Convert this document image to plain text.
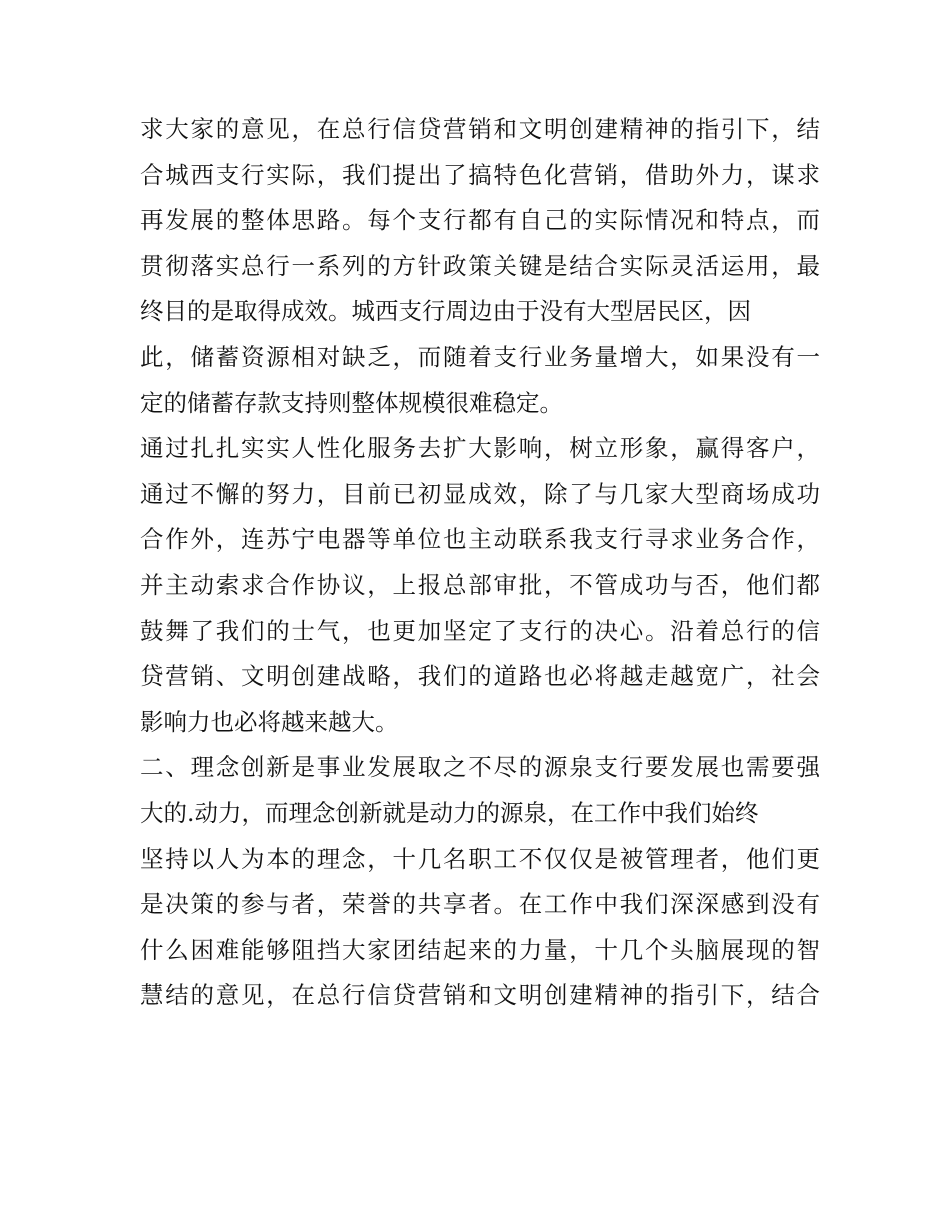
求大家的意见，在总行信贷营销和文明创建精神的指引下，结
合城西支行实际，我们提出了搞特色化营销，借助外力，谋求
再发展的整体思路。每个支行都有自己的实际情况和特点，而
贯彻落实总行一系列的方针政策关键是结合实际灵活运用，最
终目的是取得成效。城西支行周边由于没有大型居民区，因
此，储蓄资源相对缺乏，而随着支行业务量增大，如果没有一
定的储蓄存款支持则整体规模很难稳定。
通过扎扎实实人性化服务去扩大影响，树立形象，赢得客户，
通过不懈的努力，目前已初显成效，除了与几家大型商场成功
合作外，连苏宁电器等单位也主动联系我支行寻求业务合作，
并主动索求合作协议，上报总部审批，不管成功与否，他们都
鼓舞了我们的士气，也更加坚定了支行的决心。沿着总行的信
贷营销、文明创建战略，我们的道路也必将越走越宽广，社会
影响力也必将越来越大。
二、理念创新是事业发展取之不尽的源泉支行要发展也需要强
大的.动力，而理念创新就是动力的源泉，在工作中我们始终
坚持以人为本的理念，十几名职工不仅仅是被管理者，他们更
是决策的参与者，荣誉的共享者。在工作中我们深深感到没有
什么困难能够阻挡大家团结起来的力量，十几个头脑展现的智
慧结的意见，在总行信贷营销和文明创建精神的指引下，结合
